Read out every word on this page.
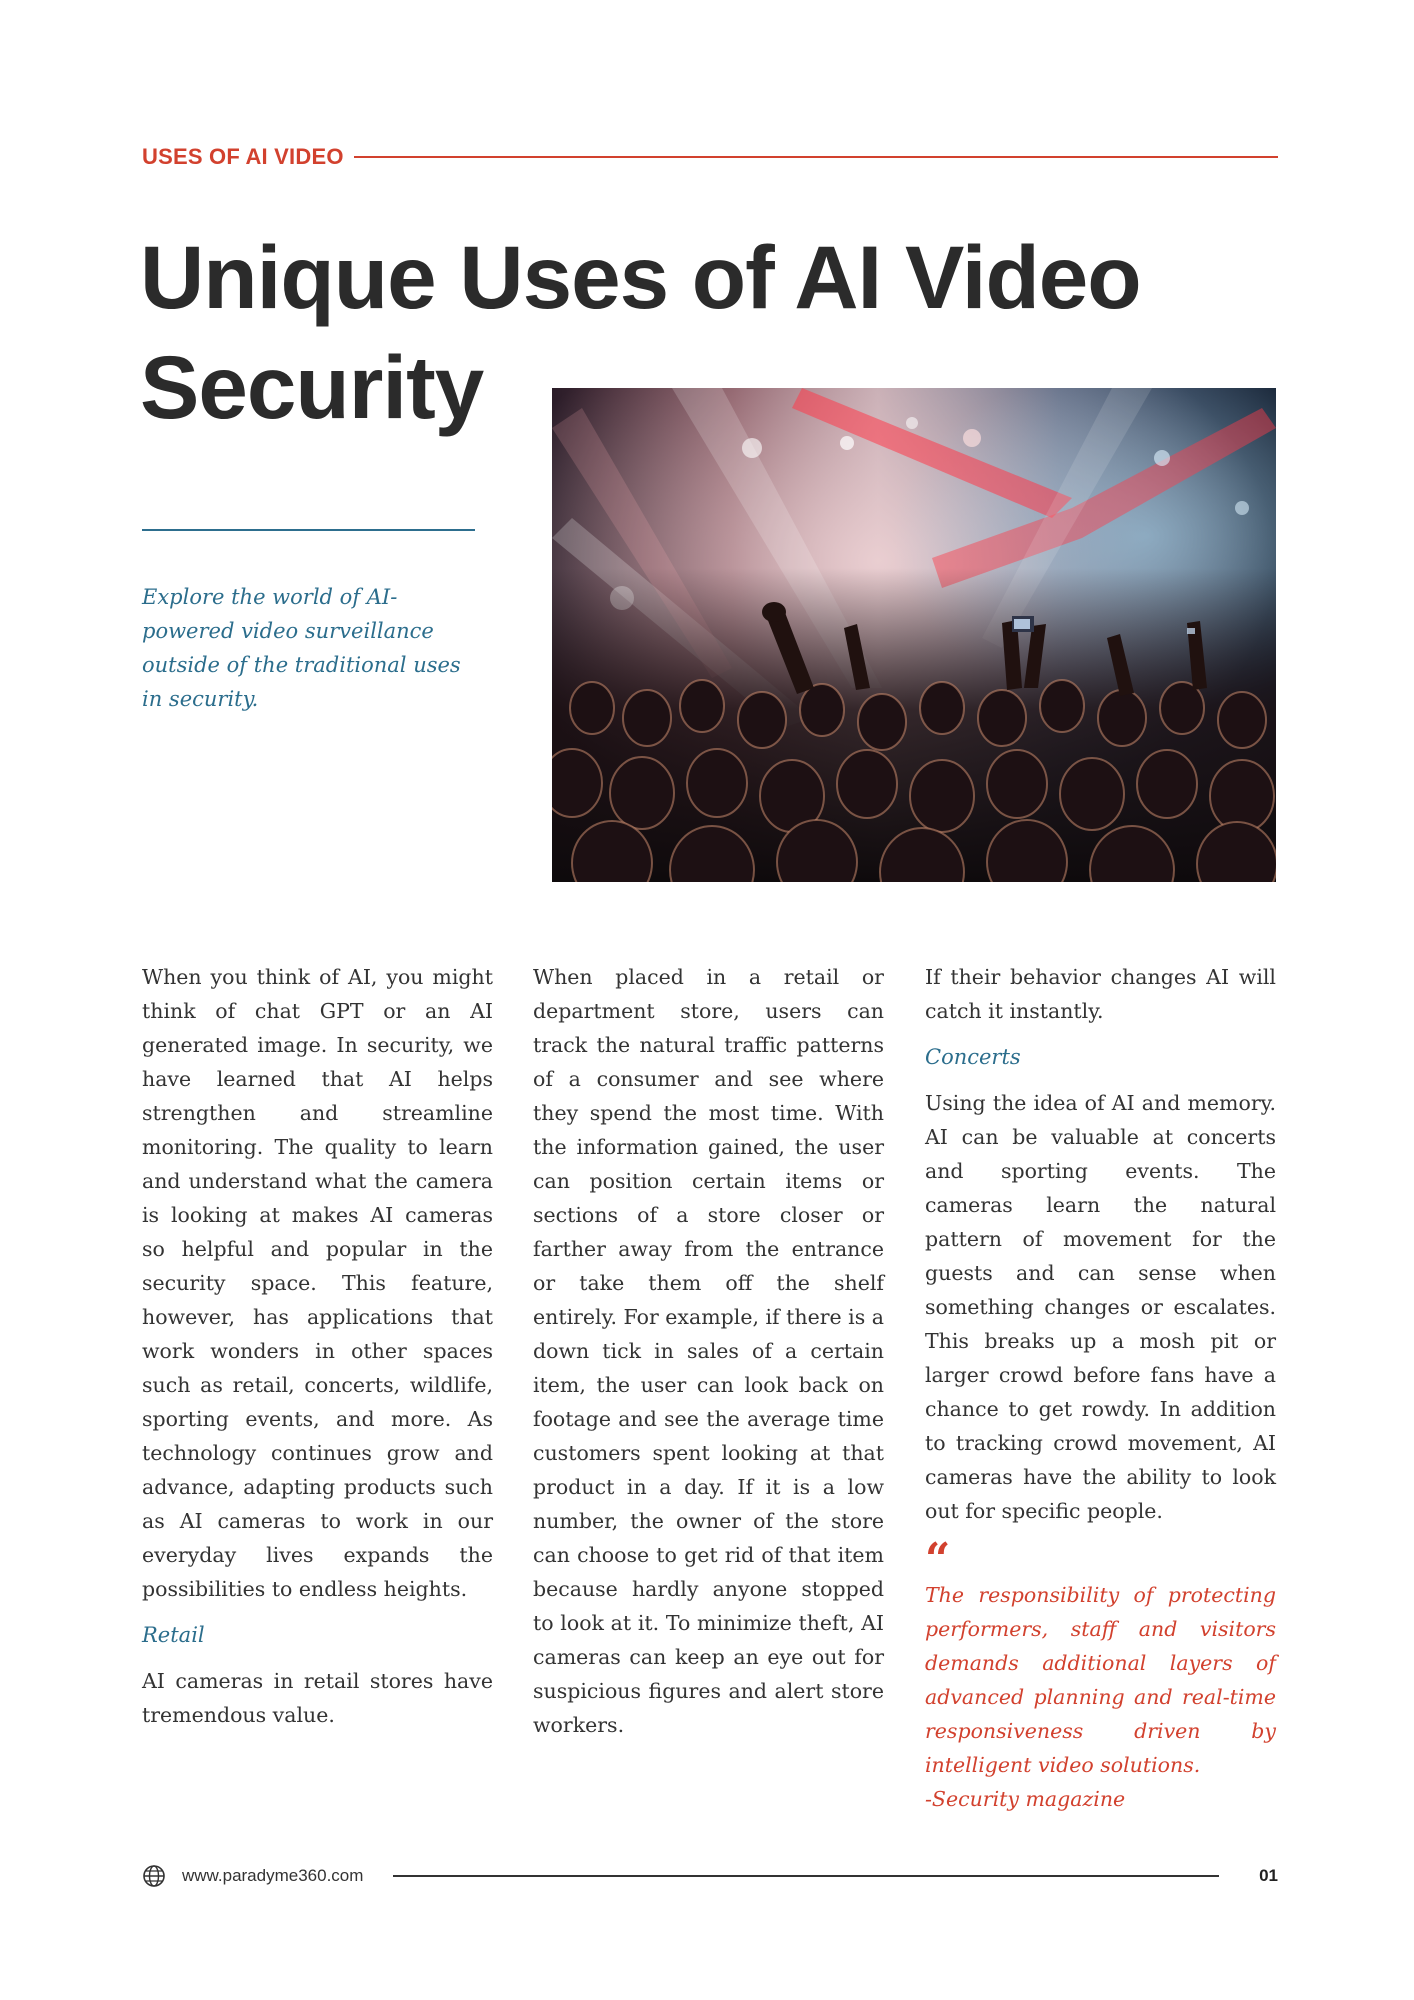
USES OF AI VIDEO
Unique Uses of AI Video
Security

Explore the world of AI-powered video surveillance outside of the traditional uses in security.

When you think of AI, you might think of chat GPT or an AI generated image. In security, we have learned that AI helps strengthen and streamline monitoring. The quality to learn and understand what the camera is looking at makes AI cameras so helpful and popular in the security space. This feature, however, has applications that work wonders in other spaces such as retail, concerts, wildlife, sporting events, and more. As technology continues grow and advance, adapting products such as AI cameras to work in our everyday lives expands the possibilities to endless heights.

Retail

AI cameras in retail stores have tremendous value.

When placed in a retail or department store, users can track the natural traffic patterns of a consumer and see where they spend the most time. With the information gained, the user can position certain items or sections of a store closer or farther away from the entrance or take them off the shelf entirely. For example, if there is a down tick in sales of a certain item, the user can look back on footage and see the average time customers spent looking at that product in a day. If it is a low number, the owner of the store can choose to get rid of that item because hardly anyone stopped to look at it. To minimize theft, AI cameras can keep an eye out for suspicious figures and alert store workers.

If their behavior changes AI will catch it instantly.

Concerts

Using the idea of AI and memory. AI can be valuable at concerts and sporting events. The cameras learn the natural pattern of movement for the guests and can sense when something changes or escalates. This breaks up a mosh pit or larger crowd before fans have a chance to get rowdy. In addition to tracking crowd movement, AI cameras have the ability to look out for specific people.

“

The responsibility of protecting performers, staff and visitors demands additional layers of advanced planning and real-time responsiveness driven by intelligent video solutions.

-Security magazine

www.paradyme360.com	01
